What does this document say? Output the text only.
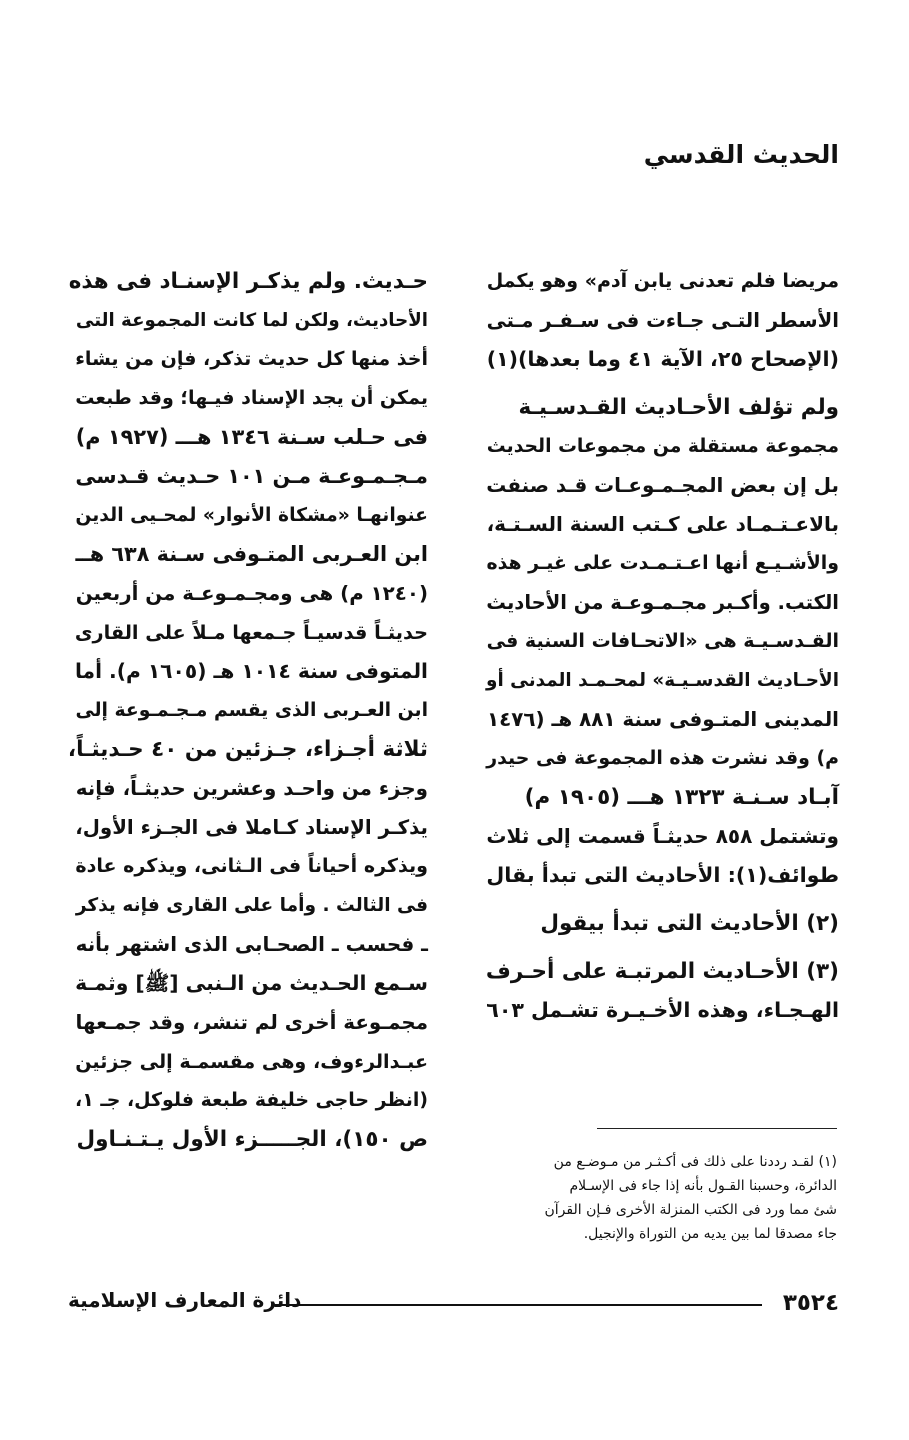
الحديث القدسي

مريضا فلم تعدنى يابن آدم» وهو يكمل
الأسطر التـى جـاءت فى سـفـر مـتى
(الإصحاح ٢٥، الآية ٤١ وما بعدها)(١)

ولم تؤلف الأحـاديث القـدسـيـة
مجموعة مستقلة من مجموعات الحديث
بل إن بعض المجـمـوعـات قـد صنفت
بالاعـتـمـاد على كـتب السنة السـتـة،
والأشـيـع أنها اعـتـمـدت على غيـر هذه
الكتب. وأكـبر مجـمـوعـة من الأحاديث
القـدسـيـة هى «الاتحـافات السنية فى
الأحـاديث القدسـيـة» لمحـمـد المدنى أو
المدينى المتـوفى سنة ٨٨١ هـ (١٤٧٦
م) وقد نشرت هذه المجموعة فى حيدر
آبـاد سـنـة ١٣٢٣ هـــ (١٩٠٥ م)
وتشتمل ٨٥٨ حديثـاً قسمت إلى ثلاث
طوائف(١): الأحاديث التى تبدأ بقال

(٢) الأحاديث التى تبدأ بيقول

(٣) الأحـاديث المرتبـة على أحـرف
الهـجـاء، وهذه الأخـيـرة تشـمل ٦٠٣

حـديث. ولم يذكـر الإسنـاد فى هذه
الأحاديث، ولكن لما كانت المجموعة التى
أخذ منها كل حديث تذكر، فإن من يشاء
يمكن أن يجد الإسناد فيـها؛ وقد طبعت
فى حـلب سـنة ١٣٤٦ هـــ (١٩٢٧ م)
مـجـمـوعـة مـن ١٠١ حـديث قـدسى
عنوانهـا «مشكاة الأنوار» لمحـيى الدين
ابن العـربى المتـوفى سـنة ٦٣٨ هــ
(١٢٤٠ م) هى ومجـمـوعـة من أربعين
حديثـاً قدسيـاً جـمعها مـلاً على القارى
المتوفى سنة ١٠١٤ هـ (١٦٠٥ م). أما
ابن العـربى الذى يقسم مـجـمـوعة إلى
ثلاثة أجـزاء، جـزئين من ٤٠ حـديثـاً،
وجزء من واحـد وعشرين حديثـاً، فإنه
يذكـر الإسناد كـاملا فى الجـزء الأول،
ويذكره أحياناً فى الـثانى، ويذكره عادة
فى الثالث . وأما على القارى فإنه يذكر
ـ فحسب ـ الصحـابى الذى اشتهر بأنه
سـمع الحـديث من الـنبى [ﷺ] وثمـة
مجمـوعة أخرى لم تنشر، وقد جمـعها
عبـدالرءوف، وهى مقسمـة إلى جزئين
(انظر حاجى خليفة طبعة فلوكل، جـ ١،
ص ١٥٠)، الجـــــزء الأول يـتـنـاول

(١) لقـد رددنا على ذلك فى أكـثـر من مـوضـع من
الدائرة، وحسبنا القـول بأنه إذا جاء فى الإسـلام
شئ مما ورد فى الكتب المنزلة الأخرى فـإن القرآن
جاء مصدقا لما بين يديه من التوراة والإنجيل.
٣٥٢٤
دائرة المعارف الإسلامية
